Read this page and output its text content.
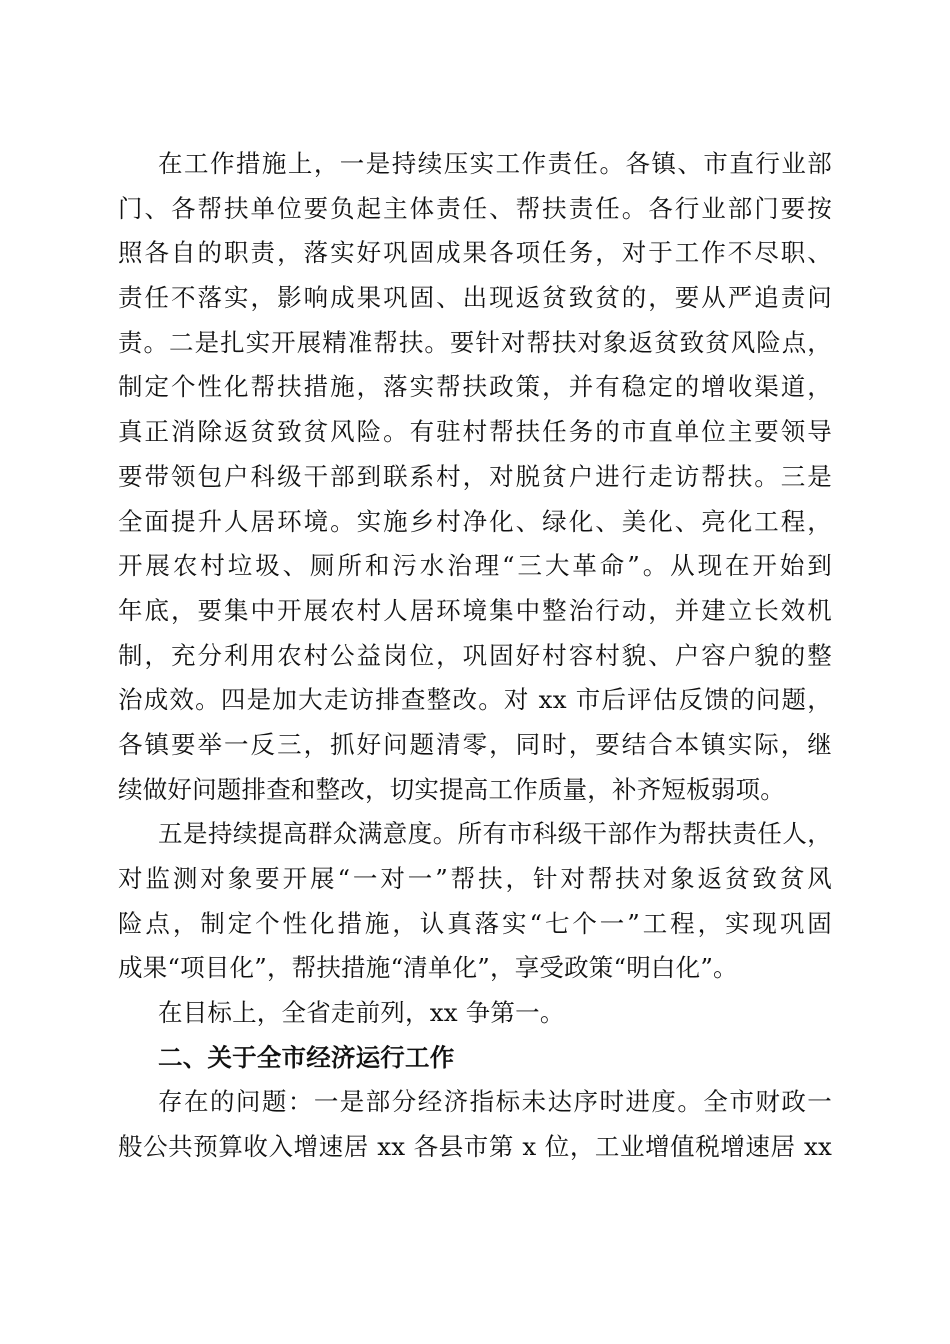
在工作措施上，一是持续压实工作责任。各镇、市直行业部
门、各帮扶单位要负起主体责任、帮扶责任。各行业部门要按
照各自的职责，落实好巩固成果各项任务，对于工作不尽职、
责任不落实，影响成果巩固、出现返贫致贫的，要从严追责问
责。二是扎实开展精准帮扶。要针对帮扶对象返贫致贫风险点，
制定个性化帮扶措施，落实帮扶政策，并有稳定的增收渠道，
真正消除返贫致贫风险。有驻村帮扶任务的市直单位主要领导
要带领包户科级干部到联系村，对脱贫户进行走访帮扶。三是
全面提升人居环境。实施乡村净化、绿化、美化、亮化工程，
开展农村垃圾、厕所和污水治理“三大革命”。从现在开始到
年底，要集中开展农村人居环境集中整治行动，并建立长效机
制，充分利用农村公益岗位，巩固好村容村貌、户容户貌的整
治成效。四是加大走访排查整改。对 xx 市后评估反馈的问题，
各镇要举一反三，抓好问题清零，同时，要结合本镇实际，继
续做好问题排查和整改，切实提高工作质量，补齐短板弱项。
五是持续提高群众满意度。所有市科级干部作为帮扶责任人，
对监测对象要开展“一对一”帮扶，针对帮扶对象返贫致贫风
险点，制定个性化措施，认真落实“七个一”工程，实现巩固
成果“项目化”，帮扶措施“清单化”，享受政策“明白化”。
在目标上，全省走前列，xx 争第一。
二、关于全市经济运行工作
存在的问题：一是部分经济指标未达序时进度。全市财政一
般公共预算收入增速居 xx 各县市第 x 位，工业增值税增速居 xx
